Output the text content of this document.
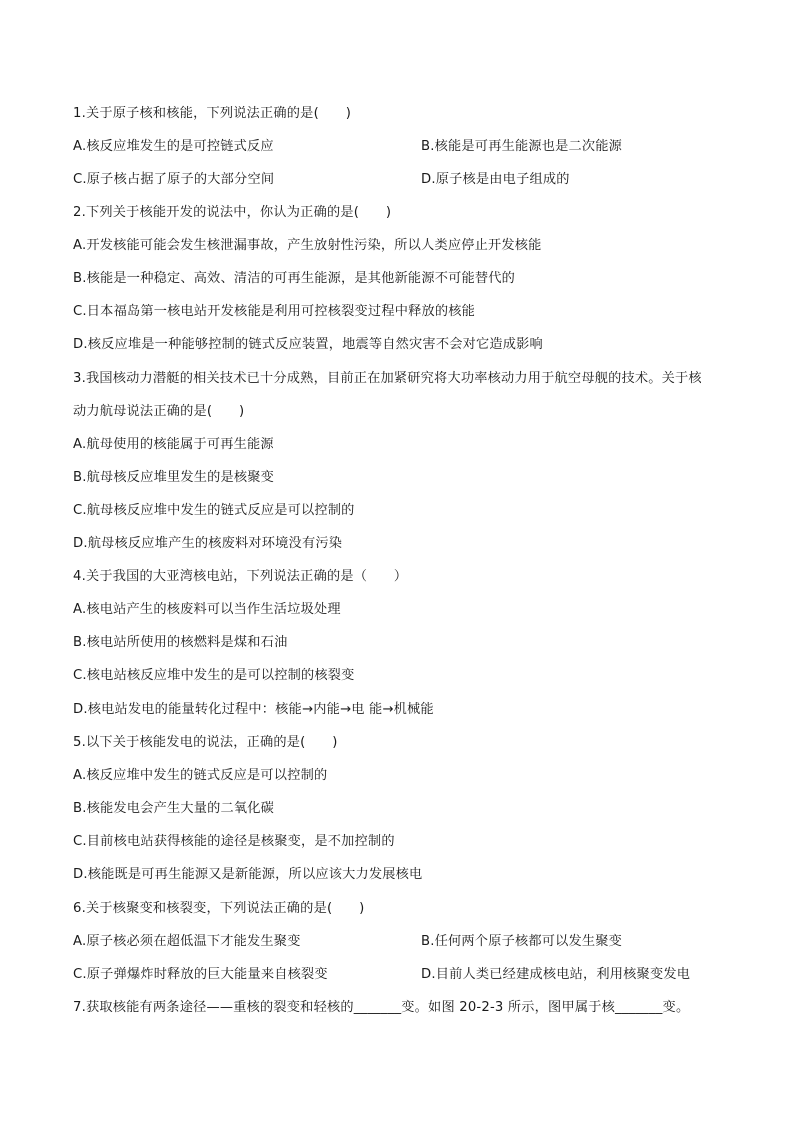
1.关于原子核和核能，下列说法正确的是(　　)
A.核反应堆发生的是可控链式反应	B.核能是可再生能源也是二次能源
C.原子核占据了原子的大部分空间	D.原子核是由电子组成的
2.下列关于核能开发的说法中，你认为正确的是(　　)
A.开发核能可能会发生核泄漏事故，产生放射性污染，所以人类应停止开发核能
B.核能是一种稳定、高效、清洁的可再生能源，是其他新能源不可能替代的
C.日本福岛第一核电站开发核能是利用可控核裂变过程中释放的核能
D.核反应堆是一种能够控制的链式反应装置，地震等自然灾害不会对它造成影响
3.我国核动力潜艇的相关技术已十分成熟，目前正在加紧研究将大功率核动力用于航空母舰的技术。关于核
动力航母说法正确的是(　　)
A.航母使用的核能属于可再生能源
B.航母核反应堆里发生的是核聚变
C.航母核反应堆中发生的链式反应是可以控制的
D.航母核反应堆产生的核废料对环境没有污染
4.关于我国的大亚湾核电站，下列说法正确的是（　　）
A.核电站产生的核废料可以当作生活垃圾处理
B.核电站所使用的核燃料是煤和石油
C.核电站核反应堆中发生的是可以控制的核裂变
D.核电站发电的能量转化过程中：核能→内能→电 能→机械能
5.以下关于核能发电的说法，正确的是(　　)
A.核反应堆中发生的链式反应是可以控制的
B.核能发电会产生大量的二氧化碳
C.目前核电站获得核能的途径是核聚变，是不加控制的
D.核能既是可再生能源又是新能源，所以应该大力发展核电
6.关于核聚变和核裂变，下列说法正确的是(　　)
A.原子核必须在超低温下才能发生聚变	B.任何两个原子核都可以发生聚变
C.原子弹爆炸时释放的巨大能量来自核裂变	D.目前人类已经建成核电站，利用核聚变发电
7.获取核能有两条途径——重核的裂变和轻核的_______变。如图 20-2-3 所示，图甲属于核_______变。
